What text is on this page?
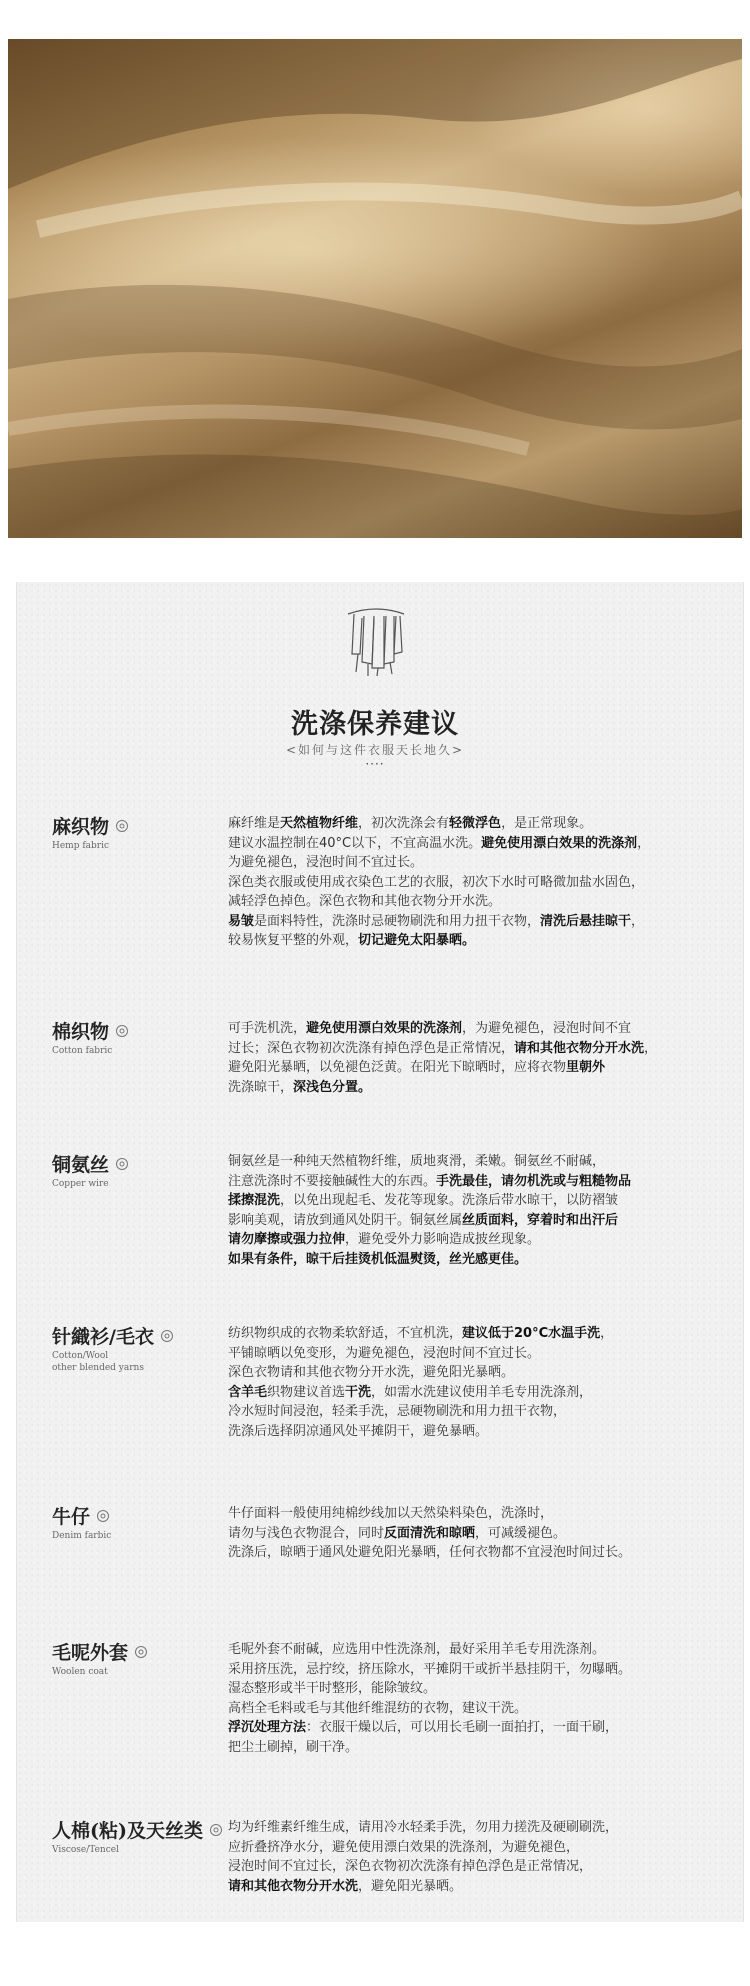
洗涤保养建议
<如何与这件衣服天长地久>
····
麻织物
Hemp fabric
麻纤维是天然植物纤维，初次洗涤会有轻微浮色，是正常现象。
建议水温控制在40°C以下，不宜高温水洗。避免使用漂白效果的洗涤剂，
为避免褪色，浸泡时间不宜过长。
深色类衣服或使用成衣染色工艺的衣服，初次下水时可略微加盐水固色，
减轻浮色掉色。深色衣物和其他衣物分开水洗。
易皱是面料特性，洗涤时忌硬物刷洗和用力扭干衣物，清洗后悬挂晾干，
较易恢复平整的外观，切记避免太阳暴晒。
棉织物
Cotton fabric
可手洗机洗，避免使用漂白效果的洗涤剂，为避免褪色，浸泡时间不宜
过长；深色衣物初次洗涤有掉色浮色是正常情况，请和其他衣物分开水洗，
避免阳光暴晒，以免褪色泛黄。在阳光下晾晒时，应将衣物里朝外
洗涤晾干，深浅色分置。
铜氨丝
Copper wire
铜氨丝是一种纯天然植物纤维，质地爽滑，柔嫩。铜氨丝不耐碱，
注意洗涤时不要接触碱性大的东西。手洗最佳，请勿机洗或与粗糙物品
揉擦混洗，以免出现起毛、发花等现象。洗涤后带水晾干，以防褶皱
影响美观，请放到通风处阴干。铜氨丝属丝质面料，穿着时和出汗后
请勿摩擦或强力拉伸，避免受外力影响造成披丝现象。
如果有条件，晾干后挂烫机低温熨烫，丝光感更佳。
针織衫/毛衣
Cotton/Wool
other blended yarns
纺织物织成的衣物柔软舒适，不宜机洗，建议低于20°C水温手洗，
平铺晾晒以免变形，为避免褪色，浸泡时间不宜过长。
深色衣物请和其他衣物分开水洗，避免阳光暴晒。
含羊毛织物建议首选干洗，如需水洗建议使用羊毛专用洗涤剂，
冷水短时间浸泡，轻柔手洗，忌硬物刷洗和用力扭干衣物，
洗涤后选择阴凉通风处平摊阴干，避免暴晒。
牛仔
Denim farbic
牛仔面料一般使用纯棉纱线加以天然染料染色，洗涤时，
请勿与浅色衣物混合，同时反面清洗和晾晒，可减缓褪色。
洗涤后，晾晒于通风处避免阳光暴晒，任何衣物都不宜浸泡时间过长。
毛呢外套
Woolen coat
毛呢外套不耐碱，应选用中性洗涤剂，最好采用羊毛专用洗涤剂。
采用挤压洗，忌拧绞，挤压除水，平摊阴干或折半悬挂阴干，勿曝晒。
湿态整形或半干时整形，能除皱纹。
高档全毛料或毛与其他纤维混纺的衣物，建议干洗。
浮沉处理方法：衣服干燥以后，可以用长毛刷一面拍打，一面干刷，
把尘土刷掉，刷干净。
人棉(粘)及天丝类
Viscose/Tencel
均为纤维素纤维生成，请用冷水轻柔手洗，勿用力搓洗及硬刷刷洗，
应折叠挤净水分，避免使用漂白效果的洗涤剂，为避免褪色，
浸泡时间不宜过长，深色衣物初次洗涤有掉色浮色是正常情况，
请和其他衣物分开水洗，避免阳光暴晒。
